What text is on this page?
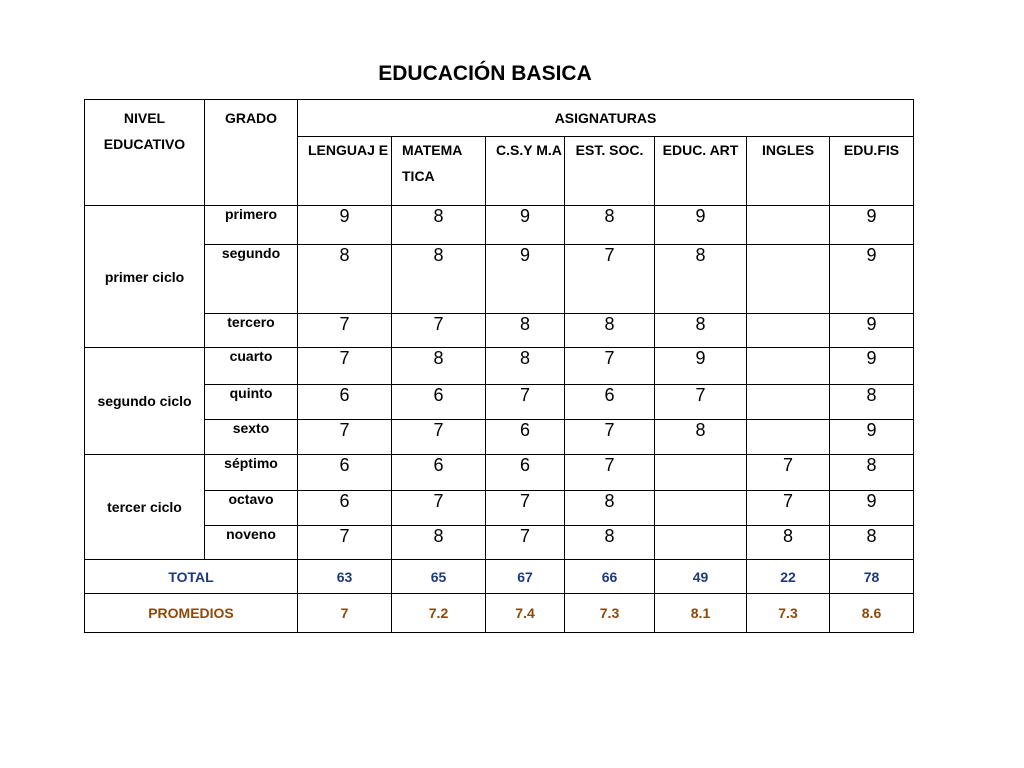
EDUCACIÓN BASICA
NIVEL EDUCATIVO	GRADO	ASIGNATURAS						
		LENGUAJ E	MATEMA TICA	C.S.Y M.A	EST. SOC.	EDUC. ART	INGLES	EDU.FIS
primer ciclo	primero	9	8	9	8	9		9
	segundo	8	8	9	7	8		9
	tercero	7	7	8	8	8		9
segundo ciclo	cuarto	7	8	8	7	9		9
	quinto	6	6	7	6	7		8
	sexto	7	7	6	7	8		9
tercer ciclo	séptimo	6	6	6	7		7	8
	octavo	6	7	7	8		7	9
	noveno	7	8	7	8		8	8
TOTAL		63	65	67	66	49	22	78
PROMEDIOS		7	7.2	7.4	7.3	8.1	7.3	8.6
